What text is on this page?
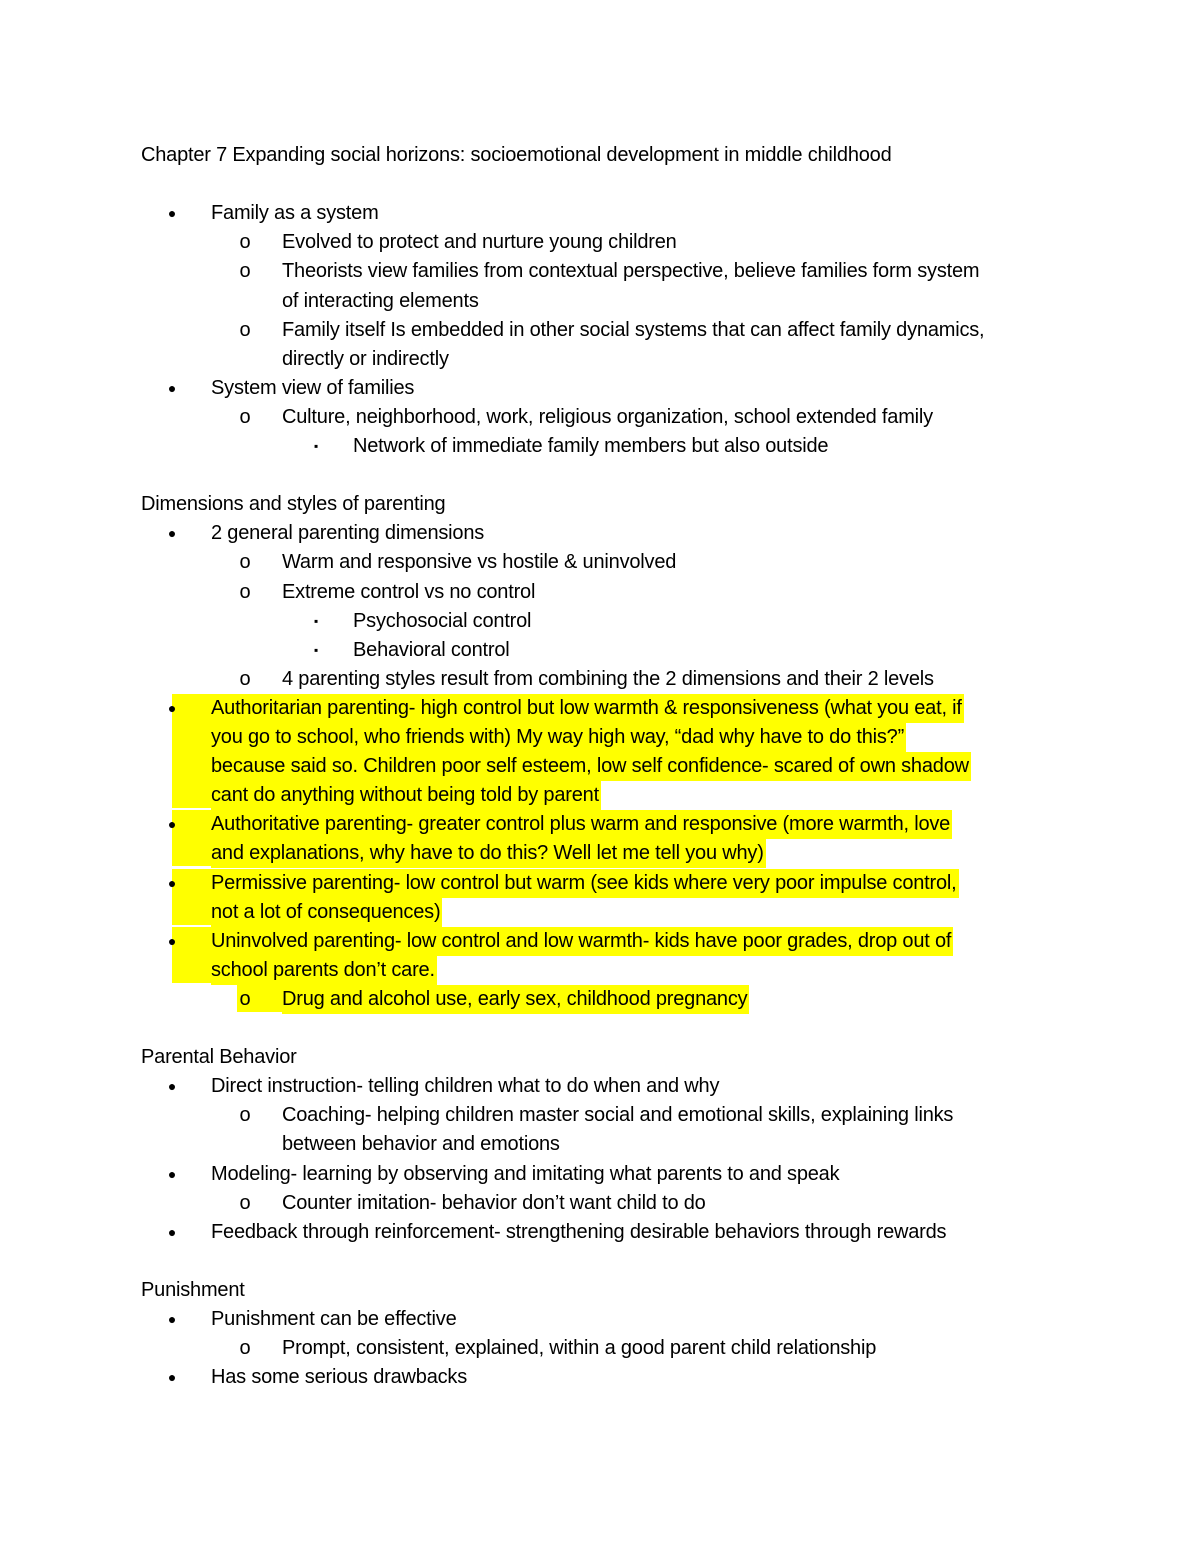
Chapter 7 Expanding social horizons: socioemotional development in middle childhood
●	Family as a system
o	Evolved to protect and nurture young children
o	Theorists view families from contextual perspective, believe families form system
of interacting elements
o	Family itself Is embedded in other social systems that can affect family dynamics,
directly or indirectly
●	System view of families
o	Culture, neighborhood, work, religious organization, school extended family
▪	Network of immediate family members but also outside
Dimensions and styles of parenting
●	2 general parenting dimensions
o	Warm and responsive vs hostile & uninvolved
o	Extreme control vs no control
▪	Psychosocial control
▪	Behavioral control
o	4 parenting styles result from combining the 2 dimensions and their 2 levels
●	Authoritarian parenting- high control but low warmth & responsiveness (what you eat, if
you go to school, who friends with) My way high way, “dad why have to do this?”
because said so. Children poor self esteem, low self confidence- scared of own shadow
cant do anything without being told by parent
●	Authoritative parenting- greater control plus warm and responsive (more warmth, love
and explanations, why have to do this? Well let me tell you why)
●	Permissive parenting- low control but warm (see kids where very poor impulse control,
not a lot of consequences)
●	Uninvolved parenting- low control and low warmth- kids have poor grades, drop out of
school parents don’t care.
o	Drug and alcohol use, early sex, childhood pregnancy
Parental Behavior
●	Direct instruction- telling children what to do when and why
o	Coaching- helping children master social and emotional skills, explaining links
between behavior and emotions
●	Modeling- learning by observing and imitating what parents to and speak
o	Counter imitation- behavior don’t want child to do
●	Feedback through reinforcement- strengthening desirable behaviors through rewards
Punishment
●	Punishment can be effective
o	Prompt, consistent, explained, within a good parent child relationship
●	Has some serious drawbacks
